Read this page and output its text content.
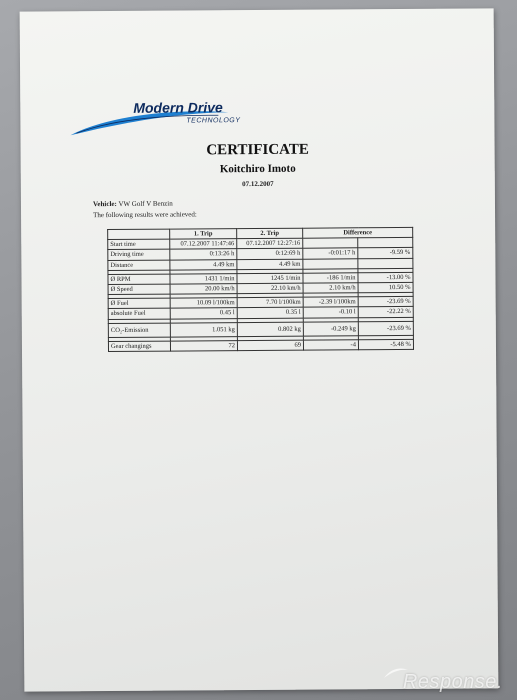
Modern Drive
TECHNOLOGY
CERTIFICATE
Koitchiro Imoto
07.12.2007
Vehicle: VW Golf V Benzin
The following results were achieved:
	1. Trip	2. Trip	Difference	
Start time	07.12.2007 11:47:46	07.12.2007 12:27:16		
Driving time	0:13:26 h	0:12:69 h	-0:01:17 h	-9.59 %
Distance	4.49 km	4.49 km		

Ø RPM	1431 1/min	1245 1/min	-186 1/min	-13.00 %
Ø Speed	20.00 km/h	22.10 km/h	2.10 km/h	10.50 %

Ø Fuel	10.09 l/100km	7.70 l/100km	-2.39 l/100km	-23.69 %
absolute Fuel	0.45 l	0.35 l	-0.10 l	-22.22 %

CO₂-Emission	1.051 kg	0.802 kg	-0.249 kg	-23.69 %

Gear changings	72	69	-4	-5.48 %
Response.
